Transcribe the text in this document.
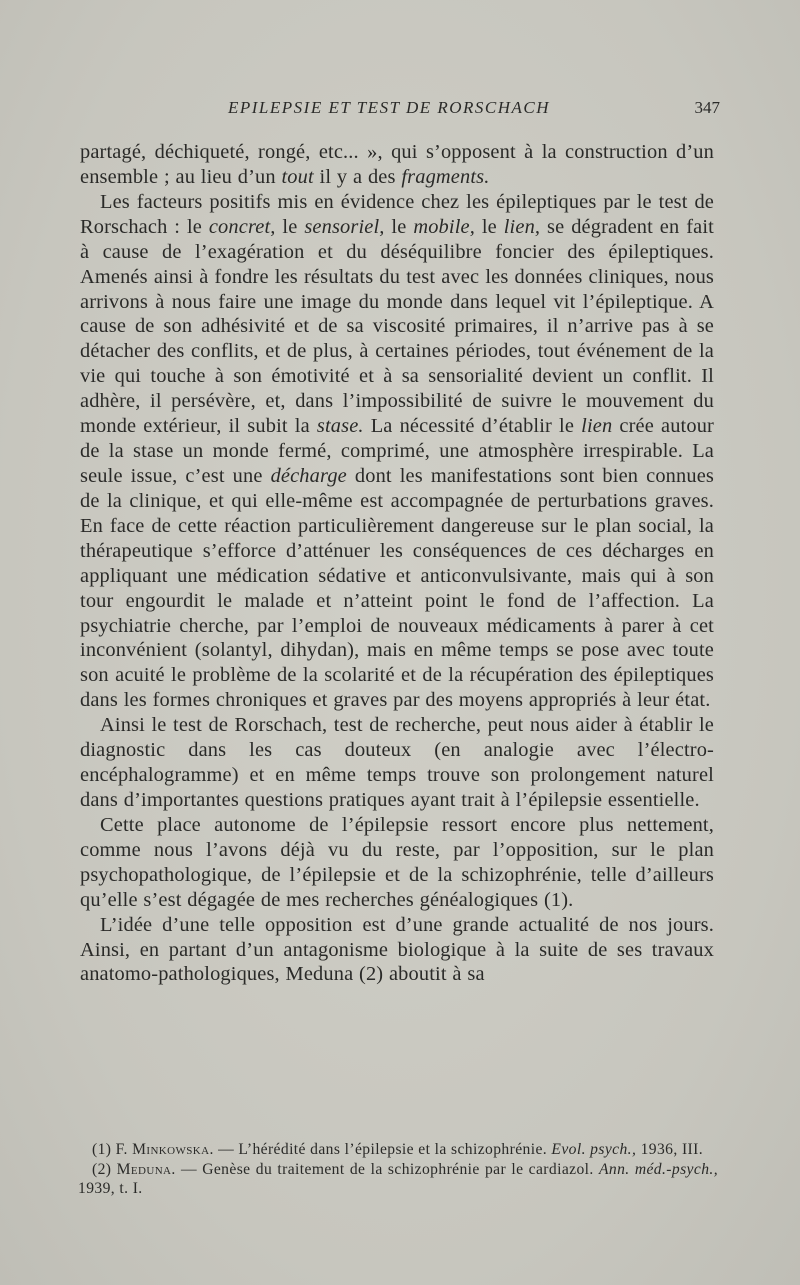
EPILEPSIE ET TEST DE RORSCHACH	347

partagé, déchiqueté, rongé, etc... », qui s’opposent à la construction d’un ensemble ; au lieu d’un tout il y a des fragments.

Les facteurs positifs mis en évidence chez les épileptiques par le test de Rorschach : le concret, le sensoriel, le mobile, le lien, se dégradent en fait à cause de l’exagération et du déséquilibre foncier des épileptiques. Amenés ainsi à fondre les résultats du test avec les données cliniques, nous arrivons à nous faire une image du monde dans lequel vit l’épileptique. A cause de son adhésivité et de sa viscosité primaires, il n’arrive pas à se détacher des conflits, et de plus, à certaines périodes, tout événement de la vie qui touche à son émotivité et à sa sensorialité devient un conflit. Il adhère, il persévère, et, dans l’impossibilité de suivre le mouvement du monde extérieur, il subit la stase. La nécessité d’établir le lien crée autour de la stase un monde fermé, comprimé, une atmosphère irrespirable. La seule issue, c’est une décharge dont les manifestations sont bien connues de la clinique, et qui elle-même est accompagnée de perturbations graves. En face de cette réaction particulièrement dangereuse sur le plan social, la thérapeutique s’efforce d’atténuer les conséquences de ces décharges en appliquant une médication sédative et anticonvulsivante, mais qui à son tour engourdit le malade et n’atteint point le fond de l’affection. La psychiatrie cherche, par l’emploi de nouveaux médicaments à parer à cet inconvénient (solantyl, dihydan), mais en même temps se pose avec toute son acuité le problème de la scolarité et de la récupération des épileptiques dans les formes chroniques et graves par des moyens appropriés à leur état.

Ainsi le test de Rorschach, test de recherche, peut nous aider à établir le diagnostic dans les cas douteux (en analogie avec l’électro-encéphalogramme) et en même temps trouve son prolongement naturel dans d’importantes questions pratiques ayant trait à l’épilepsie essentielle.

Cette place autonome de l’épilepsie ressort encore plus nettement, comme nous l’avons déjà vu du reste, par l’opposition, sur le plan psychopathologique, de l’épilepsie et de la schizophrénie, telle d’ailleurs qu’elle s’est dégagée de mes recherches généalogiques (1).

L’idée d’une telle opposition est d’une grande actualité de nos jours. Ainsi, en partant d’un antagonisme biologique à la suite de ses travaux anatomo-pathologiques, Meduna (2) aboutit à sa

(1) F. Minkowska. — L’hérédité dans l’épilepsie et la schizophrénie. Evol. psych., 1936, III.

(2) Meduna. — Genèse du traitement de la schizophrénie par le cardiazol. Ann. méd.-psych., 1939, t. I.
